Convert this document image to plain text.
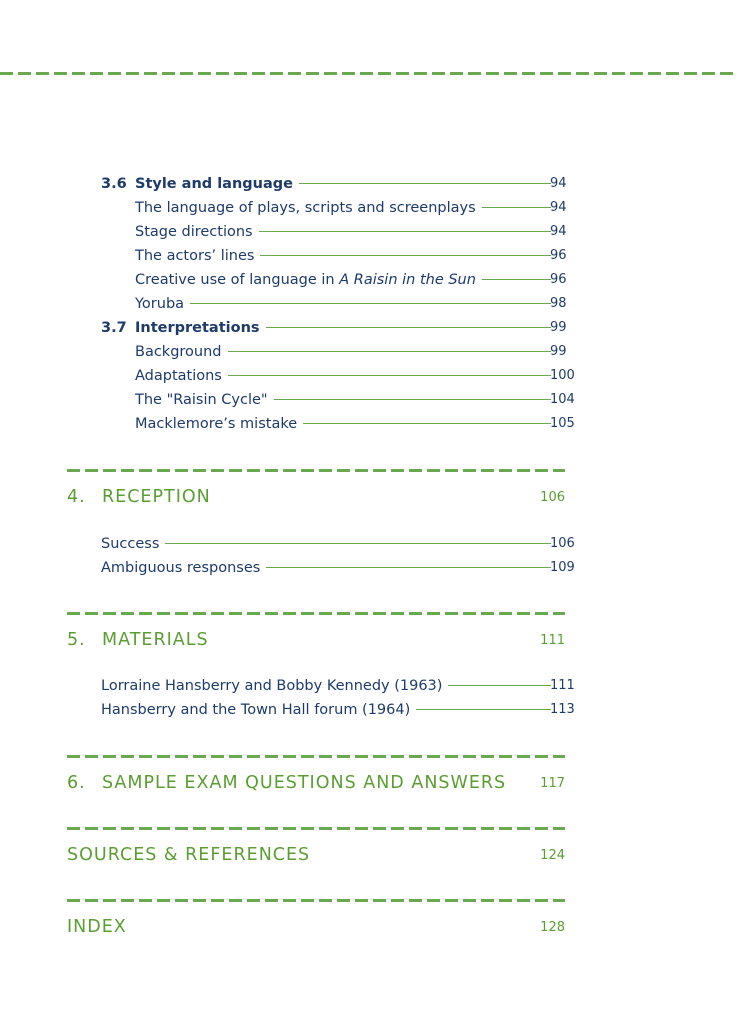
3.6 Style and language	94
The language of plays, scripts and screenplays	94
Stage directions	94
The actors’ lines	96
Creative use of language in A Raisin in the Sun	96
Yoruba	98
3.7 Interpretations	99
Background	99
Adaptations	100
The "Raisin Cycle"	104
Macklemore’s mistake	105
4. RECEPTION	106
Success	106
Ambiguous responses	109
5. MATERIALS	111
Lorraine Hansberry and Bobby Kennedy (1963)	111
Hansberry and the Town Hall forum (1964)	113
6. SAMPLE EXAM QUESTIONS AND ANSWERS	117
SOURCES & REFERENCES	124
INDEX	128
